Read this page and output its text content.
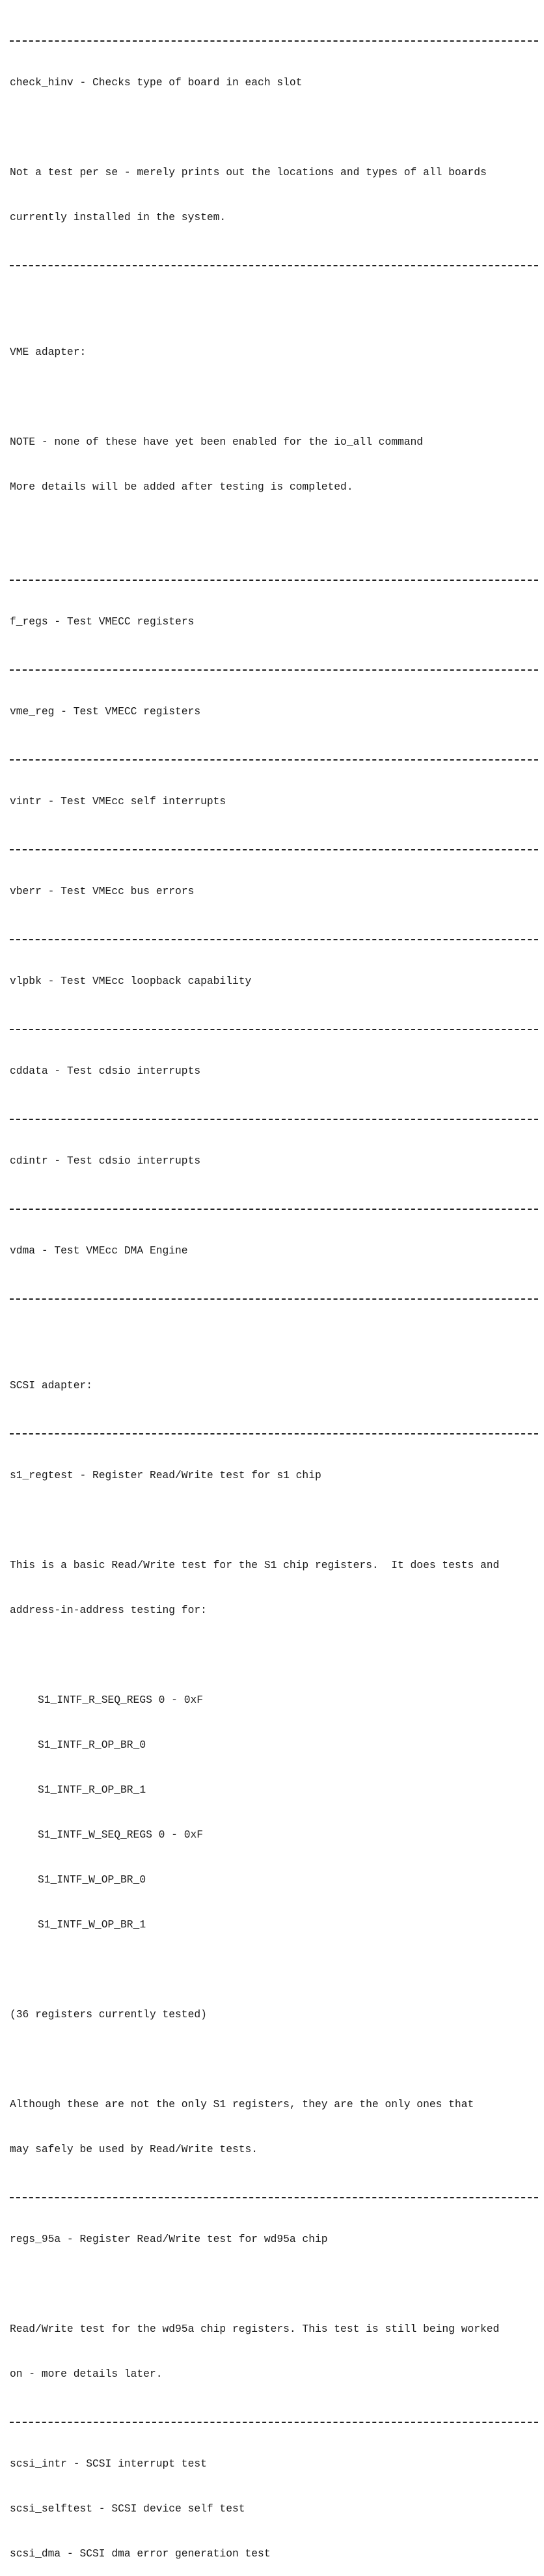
check_hinv - Checks type of board in each slot

Not a test per se - merely prints out the locations and types of all boards

currently installed in the system.

VME adapter:

NOTE - none of these have yet been enabled for the io_all command

More details will be added after testing is completed.

f_regs - Test VMECC registers

vme_reg - Test VMECC registers

vintr - Test VMEcc self interrupts

vberr - Test VMEcc bus errors

vlpbk - Test VMEcc loopback capability

cddata - Test cdsio interrupts

cdintr - Test cdsio interrupts

vdma - Test VMEcc DMA Engine

SCSI adapter:

s1_regtest - Register Read/Write test for s1 chip

This is a basic Read/Write test for the S1 chip registers.  It does tests and

address-in-address testing for:

S1_INTF_R_SEQ_REGS 0 - 0xF

S1_INTF_R_OP_BR_0

S1_INTF_R_OP_BR_1

S1_INTF_W_SEQ_REGS 0 - 0xF

S1_INTF_W_OP_BR_0

S1_INTF_W_OP_BR_1

(36 registers currently tested)

Although these are not the only S1 registers, they are the only ones that

may safely be used by Read/Write tests.

regs_95a - Register Read/Write test for wd95a chip

Read/Write test for the wd95a chip registers. This test is still being worked

on - more details later.

scsi_intr - SCSI interrupt test

scsi_selftest - SCSI device self test

scsi_dma - SCSI dma error generation test
